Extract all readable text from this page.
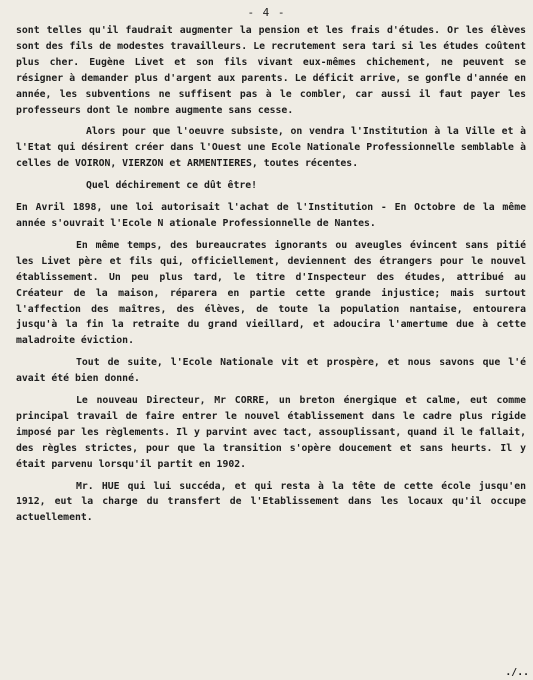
- 4 -

sont telles qu'il faudrait augmenter la pension et les frais d'études. Or les élèves sont des fils de modestes travailleurs. Le recrutement sera tari si les études coûtent plus cher. Eugène Livet et son fils vivant eux-mêmes chichement, ne peuvent se résigner à demander plus d'argent aux parents. Le déficit arrive, se gonfle d'année en année, les subventions ne suffisent pas à le combler, car aussi il faut payer les professeurs dont le nombre augmente sans cesse.

Alors pour que l'oeuvre subsiste, on vendra l'Institution à la Ville et à l'Etat qui désirent créer dans l'Ouest une Ecole Nationale Professionnelle semblable à celles de VOIRON, VIERZON et ARMENTIERES, toutes récentes.

Quel déchirement ce dût être!

En Avril 1898, une loi autorisait l'achat de l'Institution - En Octobre de la même année s'ouvrait l'Ecole N ationale Professionnelle de Nantes.

En même temps, des bureaucrates ignorants ou aveugles évincent sans pitié les Livet père et fils qui, officiellement, deviennent des étrangers pour le nouvel établissement. Un peu plus tard, le titre d'Inspecteur des études, attribué au Créateur de la maison, réparera en partie cette grande injustice; mais surtout l'affection des maîtres, des élèves, de toute la population nantaise, entourera jusqu'à la fin la retraite du grand vieillard, et adoucira l'amertume due à cette maladroite éviction.

Tout de suite, l'Ecole Nationale vit et prospère, et nous savons que l'é avait été bien donné.

Le nouveau Directeur, Mr CORRE, un breton énergique et calme, eut comme principal travail de faire entrer le nouvel établissement dans le cadre plus rigide imposé par les règlements. Il y parvint avec tact, assouplissant, quand il le fallait, des règles strictes, pour que la transition s'opère doucement et sans heurts. Il y était parvenu lorsqu'il partit en 1902.

Mr. HUE qui lui succéda, et qui resta à la tête de cette école jusqu'en 1912, eut la charge du transfert de l'Etablissement dans les locaux qu'il occupe actuellement.

./..
